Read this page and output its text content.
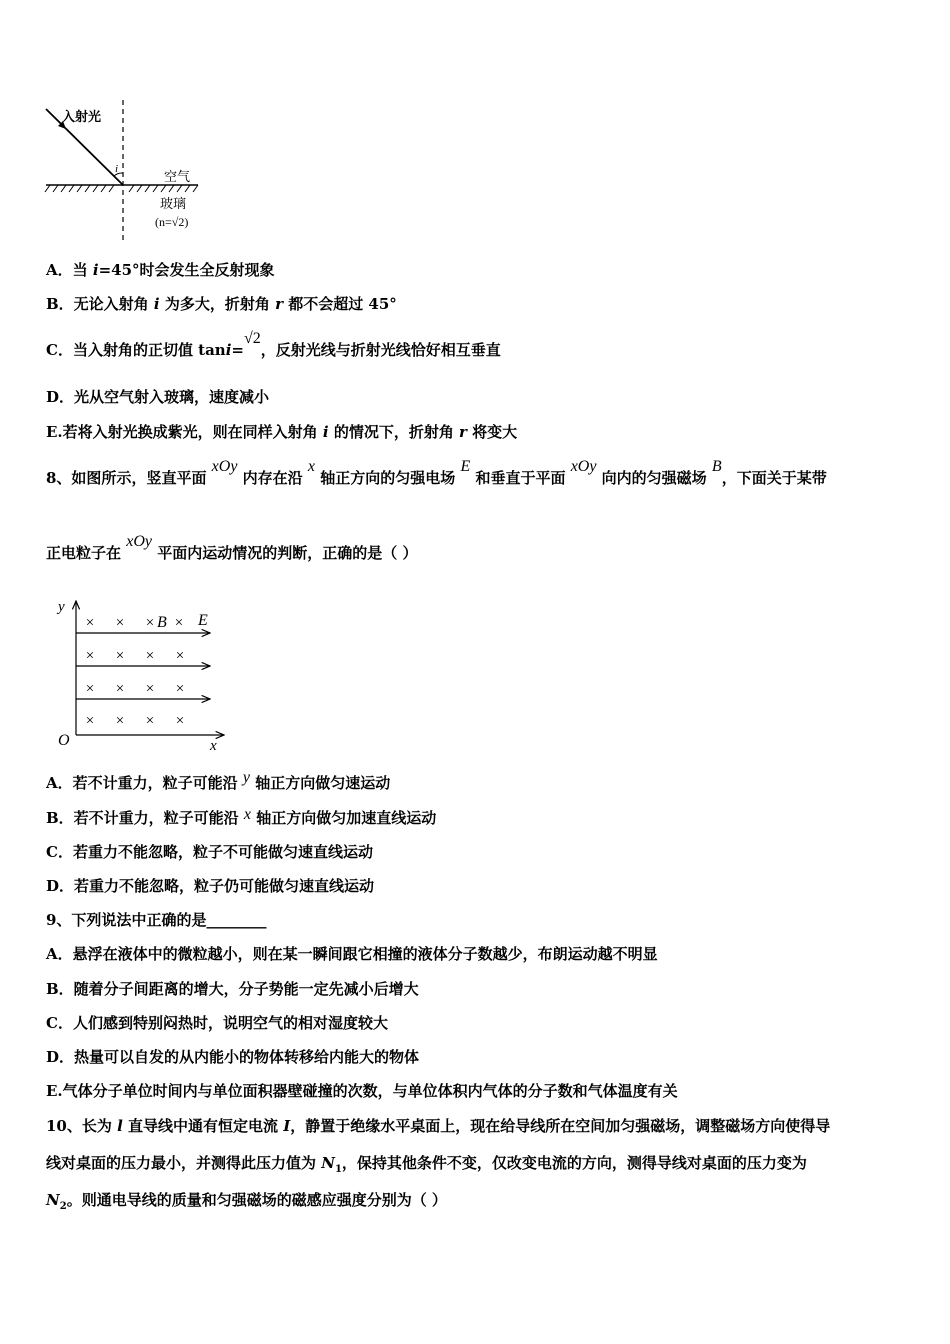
入射光
i	空气
玻璃
(n=√2)
A．当 i=45°时会发生全反射现象
B．无论入射角 i 为多大，折射角 r 都不会超过 45°
C．当入射角的正切值 tani=√2，反射光线与折射光线恰好相互垂直
D．光从空气射入玻璃，速度减小
E.若将入射光换成紫光，则在同样入射角 i 的情况下，折射角 r 将变大
8、如图所示，竖直平面 xOy 内存在沿 x 轴正方向的匀强电场 E 和垂直于平面 xOy 向内的匀强磁场 B，下面关于某带
正电粒子在 xOy 平面内运动情况的判断，正确的是（ ）
× × × ×
× × × ×
× × × ×
× × × ×
y
x
O
B E
A．若不计重力，粒子可能沿 y 轴正方向做匀速运动
B．若不计重力，粒子可能沿 x 轴正方向做匀加速直线运动
C．若重力不能忽略，粒子不可能做匀速直线运动
D．若重力不能忽略，粒子仍可能做匀速直线运动
9、下列说法中正确的是________
A．悬浮在液体中的微粒越小，则在某一瞬间跟它相撞的液体分子数越少，布朗运动越不明显
B．随着分子间距离的增大，分子势能一定先减小后增大
C．人们感到特别闷热时，说明空气的相对湿度较大
D．热量可以自发的从内能小的物体转移给内能大的物体
E.气体分子单位时间内与单位面积器壁碰撞的次数，与单位体积内气体的分子数和气体温度有关
10、长为 l 直导线中通有恒定电流 I，静置于绝缘水平桌面上，现在给导线所在空间加匀强磁场，调整磁场方向使得导
线对桌面的压力最小，并测得此压力值为 $N_1$，保持其他条件不变，仅改变电流的方向，测得导线对桌面的压力变为
$N_2$。则通电导线的质量和匀强磁场的磁感应强度分别为（ ）
